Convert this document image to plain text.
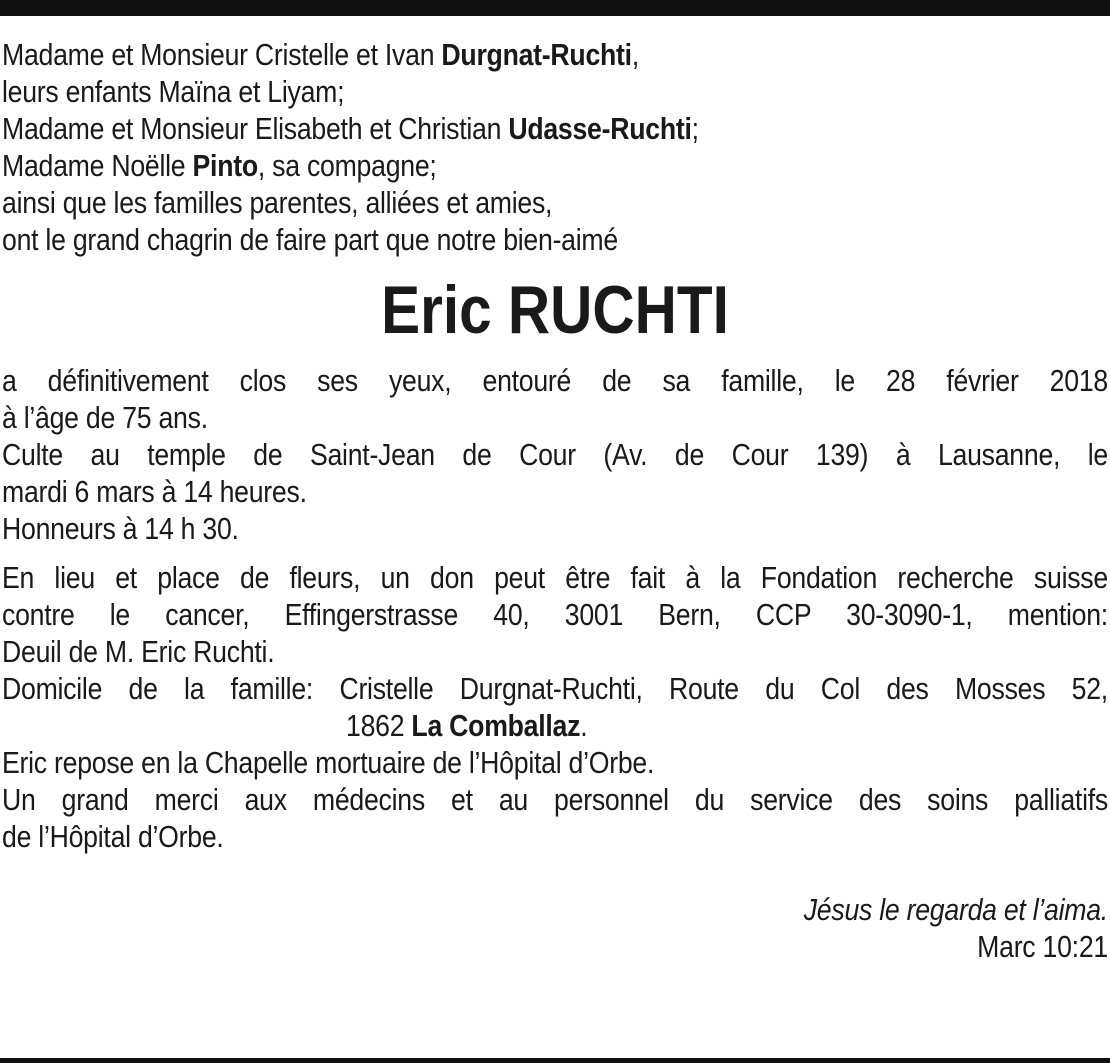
Madame et Monsieur Cristelle et Ivan Durgnat-Ruchti,
leurs enfants Maïna et Liyam;
Madame et Monsieur Elisabeth et Christian Udasse-Ruchti;
Madame Noëlle Pinto, sa compagne;
ainsi que les familles parentes, alliées et amies,
ont le grand chagrin de faire part que notre bien-aimé
Eric RUCHTI
a définitivement clos ses yeux, entouré de sa famille, le 28 février 2018
à l’âge de 75 ans.
Culte au temple de Saint-Jean de Cour (Av. de Cour 139) à Lausanne, le
mardi 6 mars à 14 heures.
Honneurs à 14 h 30.
En lieu et place de fleurs, un don peut être fait à la Fondation recherche suisse
contre le cancer, Effingerstrasse 40, 3001 Bern, CCP 30-3090-1, mention:
Deuil de M. Eric Ruchti.
Domicile de la famille: Cristelle Durgnat-Ruchti, Route du Col des Mosses 52,
1862 La Comballaz.
Eric repose en la Chapelle mortuaire de l’Hôpital d’Orbe.
Un grand merci aux médecins et au personnel du service des soins palliatifs
de l’Hôpital d’Orbe.
Jésus le regarda et l’aima.
Marc 10:21
